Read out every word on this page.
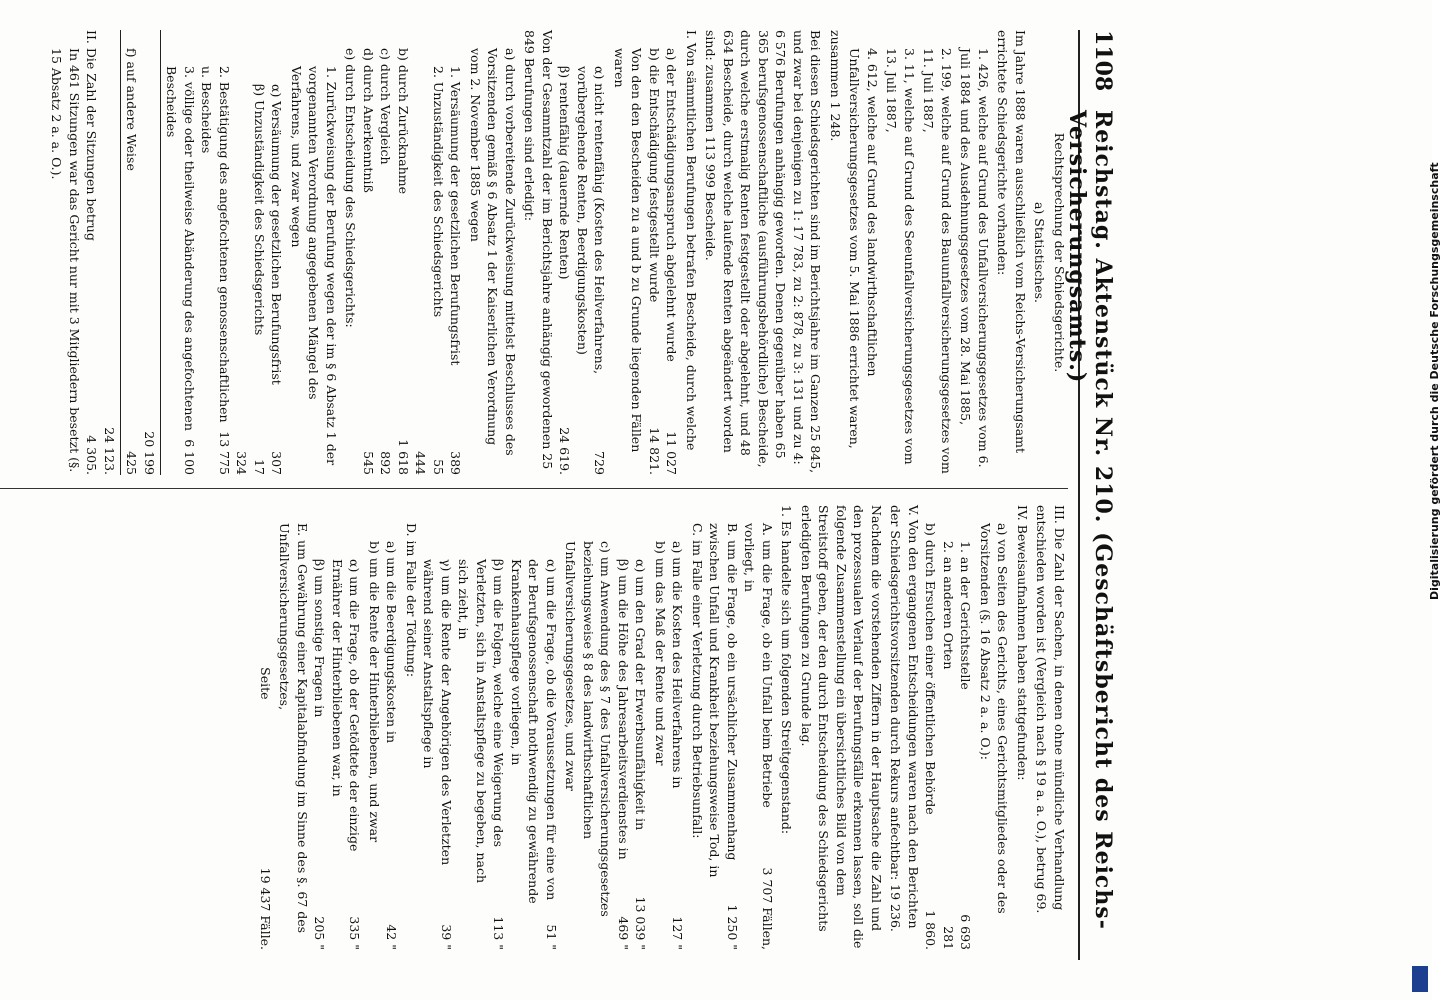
1108
Reichstag. Aktenstück Nr. 210. (Geschäftsbericht des Reichs-Versicherungsamts.)

Rechtsprechung der Schiedsgerichte.

a) Statistisches.

Im Jahre 1888 waren ausschließlich vom Reichs-Versicherungsamt errichtete Schiedsgerichte vorhanden:

1. 426, welche auf Grund des Unfallversicherungsgesetzes vom 6. Juli 1884 und des Ausdehnungsgesetzes vom 28. Mai 1885,

2. 199, welche auf Grund des Bauunfallversicherungsgesetzes vom 11. Juli 1887,

3. 11, welche auf Grund des Seeunfallversicherungsgesetzes vom 13. Juli 1887,

4. 612, welche auf Grund des landwirthschaftlichen Unfallversicherungsgesetzes vom 5. Mai 1886 errichtet waren,

zusammen 1 248.

Bei diesen Schiedsgerichten sind im Berichtsjahre im Ganzen 25 845, und zwar bei denjenigen zu 1: 17 783, zu 2: 878, zu 3: 131 und zu 4: 6 576 Berufungen anhängig geworden. Denen gegenüber haben 65 365 berufsgenossenschaftliche (ausführungsbehördliche) Bescheide, durch welche erstmalig Renten festgestellt oder abgelehnt, und 48 634 Bescheide, durch welche laufende Renten abgeändert worden sind: zusammen 113 999 Bescheide.

I. Von sämmtlichen Berufungen betrafen Bescheide, durch welche

a) der Entschädigungsanspruch abgelehnt wurde
11 027
b) die Entschädigung festgestellt wurde
14 821.

Von den den Bescheiden zu a und b zu Grunde liegenden Fällen waren

α) nicht rentenfähig (Kosten des Heilverfahrens, vorübergehende Renten, Beerdigungskosten)
729
β) rentenfähig (dauernde Renten)
24 619.

Von der Gesammtzahl der im Berichtsjahre anhängig gewordenen 25 849 Berufungen sind erledigt:

a) durch vorbereitende Zurückweisung mittelst Beschlusses des Vorsitzenden gemäß § 6 Absatz 1 der Kaiserlichen Verordnung vom 2. November 1885 wegen

1. Versäumung der gesetzlichen Berufungsfrist
389
2. Unzuständigkeit des Schiedsgerichts
55
444
b) durch Zurücknahme
1 618
c) durch Vergleich
892
d) durch Anerkenntniß
545

e) durch Entscheidung des Schiedsgerichts:

1. Zurückweisung der Berufung wegen der im § 6 Absatz 1 der vorgenannten Verordnung angegebenen Mängel des Verfahrens, und zwar wegen

α) Versäumung der gesetzlichen Berufungsfrist
307
β) Unzuständigkeit des Schiedsgerichts
17
324
2. Bestätigung des angefochtenen genossenschaftlichen u. Bescheides
13 775
3. völlige oder theilweise Abänderung des angefochtenen Bescheides
6 100
20 199
f) auf andere Weise
425
24 123.
II. Die Zahl der Sitzungen betrug
4 305.

In 461 Sitzungen war das Gericht nur mit 3 Mitgliedern besetzt (§. 15 Absatz 2 a. a. O.).

III. Die Zahl der Sachen, in denen ohne mündliche Verhandlung entschieden worden ist (Vergleich nach § 19 a. a. O.), betrug 69.

IV. Beweisaufnahmen haben stattgefunden:

a) von Seiten des Gerichts, eines Gerichtsmitgliedes oder des Vorsitzenden (§. 16 Absatz 2 a. a. O.):

1. an der Gerichtsstelle
6 693
2. an anderen Orten
281
b) durch Ersuchen einer öffentlichen Behörde
1 860.

V. Von den ergangenen Entscheidungen waren nach den Berichten der Schiedsgerichtsvorsitzenden durch Rekurs anfechtbar: 19 236.

Nachdem die vorstehenden Ziffern in der Hauptsache die Zahl und den prozessualen Verlauf der Berufungsfälle erkennen lassen, soll die folgende Zusammenstellung ein übersichtliches Bild von dem Streitstoff geben, der den durch Entscheidung des Schiedsgerichts erledigten Berufungen zu Grunde lag.

1. Es handelte sich um folgenden Streitgegenstand:

A. um die Frage, ob ein Unfall beim Betriebe vorliegt, in
3 707 Fällen,
B. um die Frage, ob ein ursächlicher Zusammenhang zwischen Unfall und Krankheit beziehungsweise Tod, in
1 250 "

C. im Falle einer Verletzung durch Betriebsunfall:

a) um die Kosten des Heilverfahrens in
127 "

b) um das Maß der Rente und zwar

α) um den Grad der Erwerbsunfähigkeit in
13 039 "
β) um die Höhe des Jahresarbeitsverdienstes in
469 "

c) um Anwendung des § 7 des Unfallversicherungsgesetzes beziehungsweise § 8 des landwirthschaftlichen Unfallversicherungsgesetzes, und zwar

α) um die Frage, ob die Voraussetzungen für eine von der Berufsgenossenschaft nothwendig zu gewährende Krankenhauspflege vorliegen, in
51 "
β) um die Folgen, welche eine Weigerung des Verletzten, sich in Anstaltspflege zu begeben, nach sich zieht, in
113 "
γ) um die Rente der Angehörigen des Verletzten während seiner Anstaltspflege in
39 "

D. im Falle der Tödtung:

a) um die Beerdigungskosten in
42 "

b) um die Rente der Hinterbliebenen, und zwar

α) um die Frage, ob der Getödtete der einzige Ernährer der Hinterbliebenen war, in
335 "
β) um sonstige Fragen in
205 "

E. um Gewährung einer Kapitalabfindung im Sinne des §. 67 des Unfallversicherungsgesetzes,

Seite
19 437 Fälle.
Digitalisierung gefördert durch die Deutsche Forschungsgemeinschaft
